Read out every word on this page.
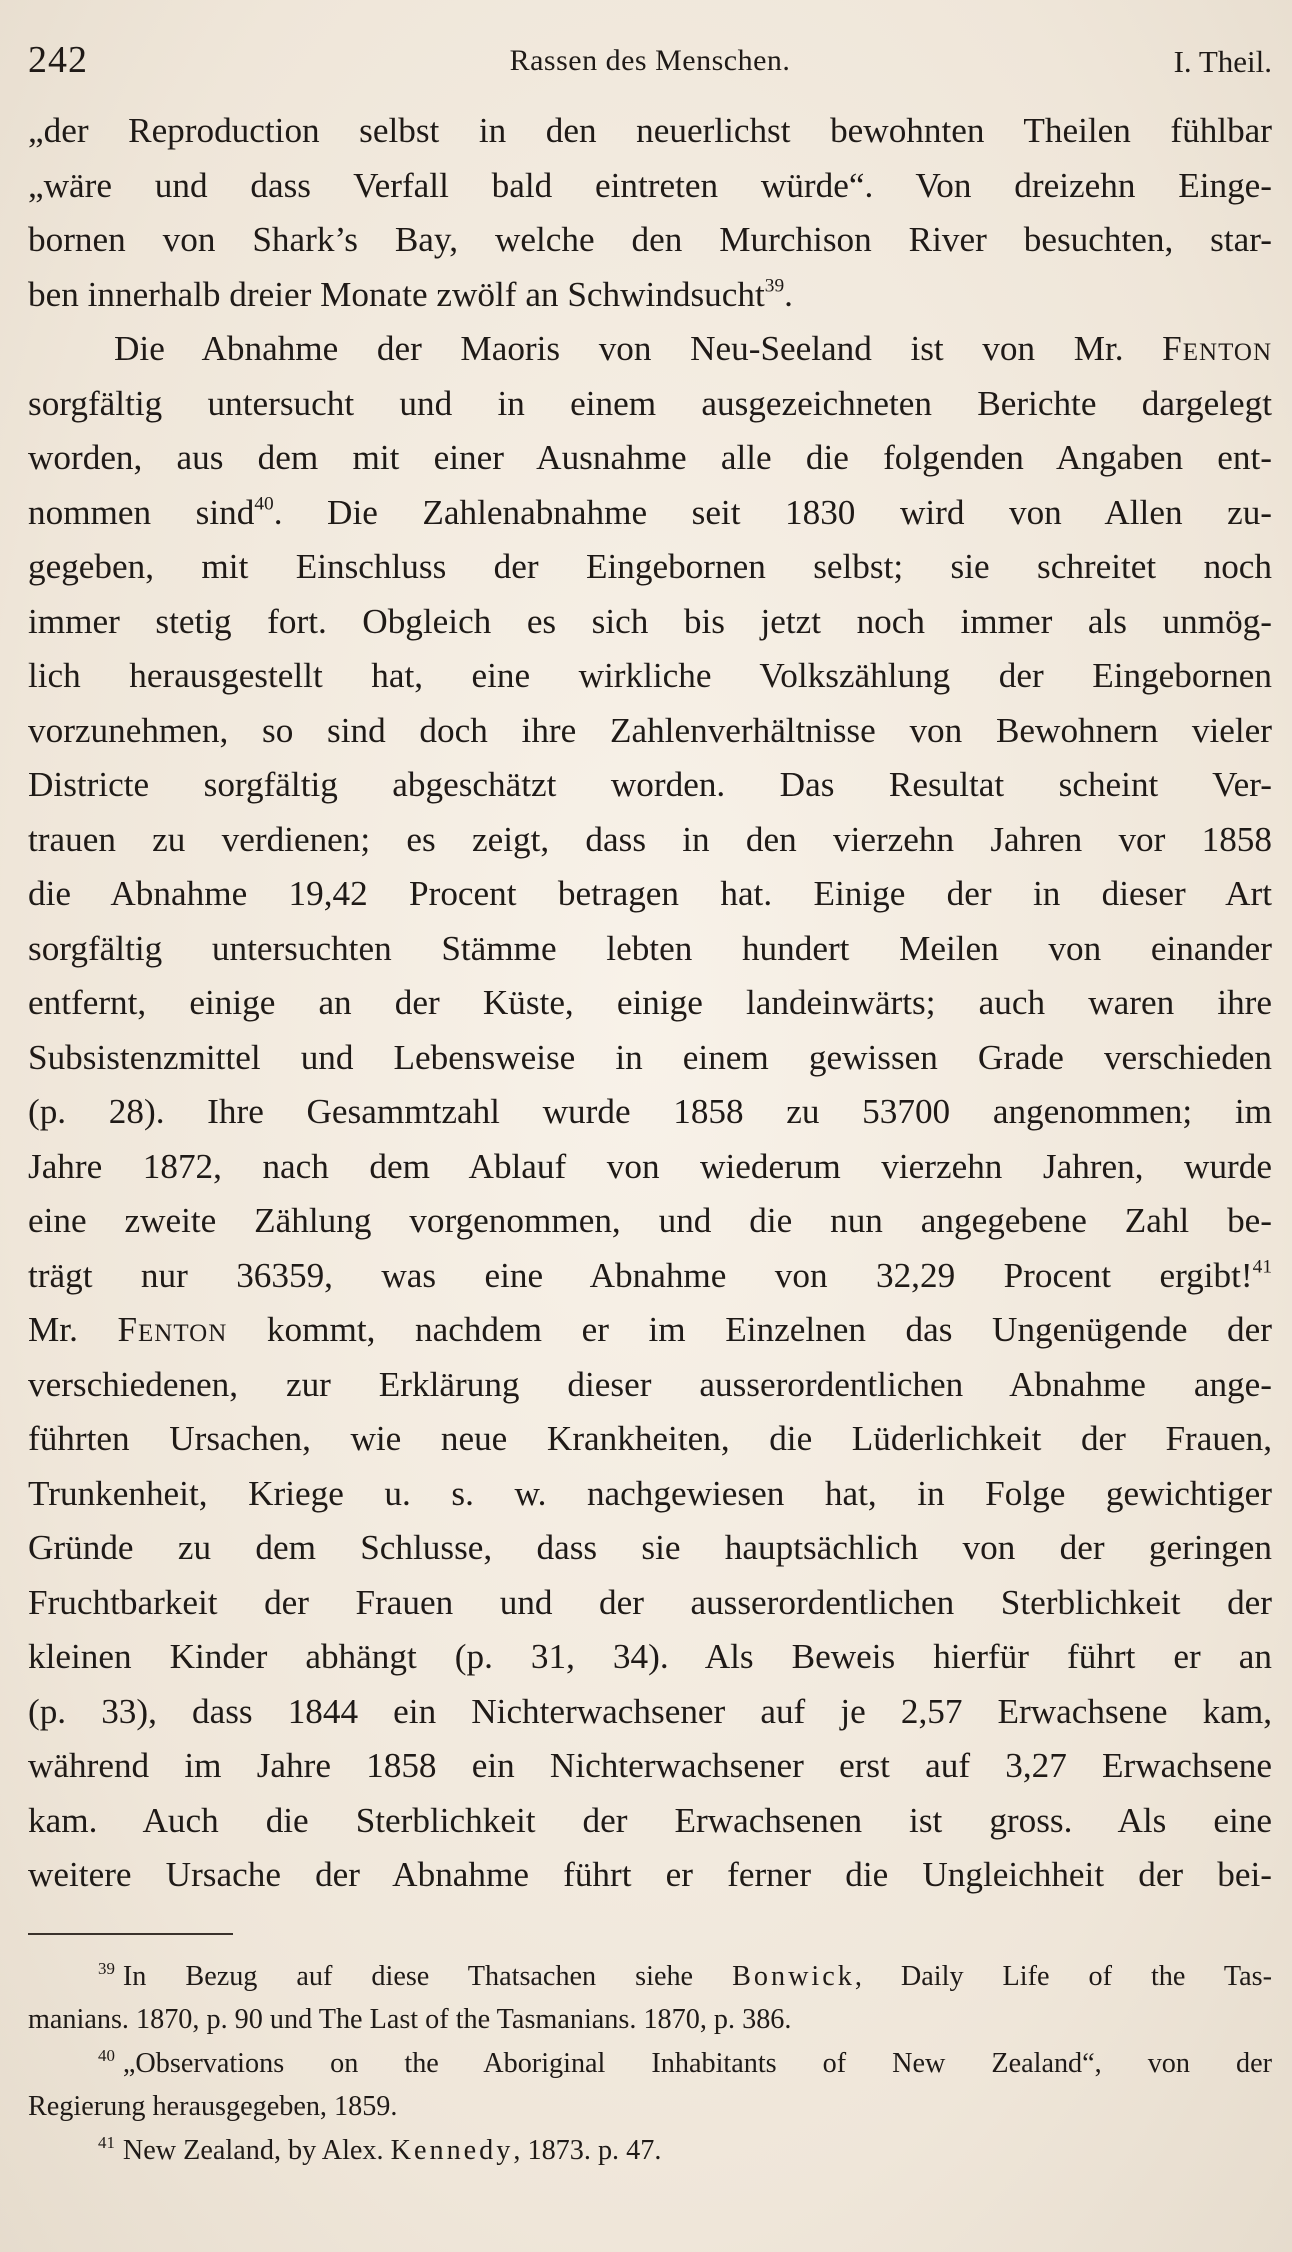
242	Rassen des Menschen.	I. Theil.
„der Reproduction selbst in den neuerlichst bewohnten Theilen fühlbar
„wäre und dass Verfall bald eintreten würde“. Von dreizehn Einge-
bornen von Shark’s Bay, welche den Murchison River besuchten, star-
ben innerhalb dreier Monate zwölf an Schwindsucht$^{39}$.
Die Abnahme der Maoris von Neu-Seeland ist von Mr. Fenton
sorgfältig untersucht und in einem ausgezeichneten Berichte dargelegt
worden, aus dem mit einer Ausnahme alle die folgenden Angaben ent-
nommen sind$^{40}$. Die Zahlenabnahme seit 1830 wird von Allen zu-
gegeben, mit Einschluss der Eingebornen selbst; sie schreitet noch
immer stetig fort. Obgleich es sich bis jetzt noch immer als unmög-
lich herausgestellt hat, eine wirkliche Volkszählung der Eingebornen
vorzunehmen, so sind doch ihre Zahlenverhältnisse von Bewohnern vieler
Districte sorgfältig abgeschätzt worden. Das Resultat scheint Ver-
trauen zu verdienen; es zeigt, dass in den vierzehn Jahren vor 1858
die Abnahme 19,42 Procent betragen hat. Einige der in dieser Art
sorgfältig untersuchten Stämme lebten hundert Meilen von einander
entfernt, einige an der Küste, einige landeinwärts; auch waren ihre
Subsistenzmittel und Lebensweise in einem gewissen Grade verschieden
(p. 28). Ihre Gesammtzahl wurde 1858 zu 53700 angenommen; im
Jahre 1872, nach dem Ablauf von wiederum vierzehn Jahren, wurde
eine zweite Zählung vorgenommen, und die nun angegebene Zahl be-
trägt nur 36359, was eine Abnahme von 32,29 Procent ergibt!$^{41}$
Mr. Fenton kommt, nachdem er im Einzelnen das Ungenügende der
verschiedenen, zur Erklärung dieser ausserordentlichen Abnahme ange-
führten Ursachen, wie neue Krankheiten, die Lüderlichkeit der Frauen,
Trunkenheit, Kriege u. s. w. nachgewiesen hat, in Folge gewichtiger
Gründe zu dem Schlusse, dass sie hauptsächlich von der geringen
Fruchtbarkeit der Frauen und der ausserordentlichen Sterblichkeit der
kleinen Kinder abhängt (p. 31, 34). Als Beweis hierfür führt er an
(p. 33), dass 1844 ein Nichterwachsener auf je 2,57 Erwachsene kam,
während im Jahre 1858 ein Nichterwachsener erst auf 3,27 Erwachsene
kam. Auch die Sterblichkeit der Erwachsenen ist gross. Als eine
weitere Ursache der Abnahme führt er ferner die Ungleichheit der bei-
$^{39}$ In Bezug auf diese Thatsachen siehe Bonwick, Daily Life of the Tas-
manians. 1870, p. 90 und The Last of the Tasmanians. 1870, p. 386.
$^{40}$ „Observations on the Aboriginal Inhabitants of New Zealand“, von der
Regierung herausgegeben, 1859.
$^{41}$ New Zealand, by Alex. Kennedy, 1873. p. 47.
